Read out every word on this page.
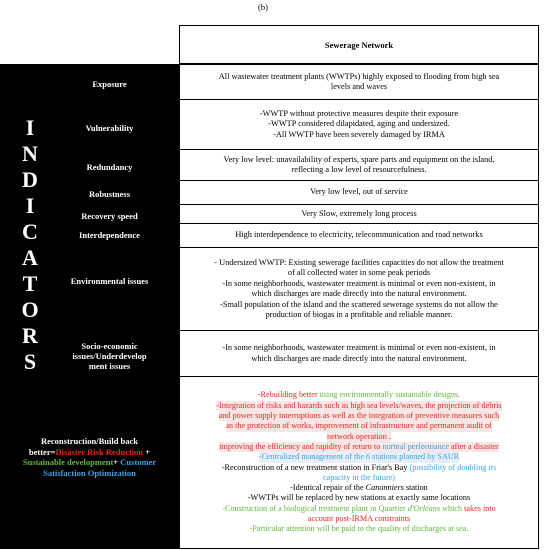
(b)
Sewerage Network
I
N
D
I
C
A
T
O
R
S
Exposure
Vulnerability
Redundancy
Robustness
Recovery speed
Interdependence
Environmental issues
Socio-economic
issues/Underdevelop
ment issues
All wastewater treatment plants (WWTPs) highly exposed to flooding from high sea
levels and waves
-WWTP without protective measures despite their exposure
-WWTP considered dilapidated, aging and undersized.
-All WWTP have been severely damaged by IRMA
Very low level: unavailability of experts, spare parts and equipment on the island,
reflecting a low level of resourcefulness.
Very low level, out of service
Very Slow, extremely long process
High interdependence to electricity, telecommunication and road networks
- Undersized WWTP: Existing sewerage facilities capacities do not allow the treatment
of all collected water in some peak periods
-In some neighborhoods, wastewater treatment is minimal or even non-existent, in
which discharges are made directly into the natural environment.
-Small population of the island and the scattered sewerage systems do not allow the
production of biogas in a profitable and reliable manner.
-In some neighborhoods, wastewater treatment is minimal or even non-existent, in
which discharges are made directly into the natural environment.
Reconstruction/Build back
better=Disaster Risk Reduction +
Sustainable development+ Customer
Satisfaction Optimization
-Rebuilding better using environmentally sustainable designs.
-Integration of risks and hazards such as high sea levels/waves, the projection of debris
and power supply interruptions as well as the integration of preventive measures such
as the protection of works, improvement of infrastructure and permanent audit of
network operation .
improving the efficiency and rapidity of return to normal performance after a disaster
-Centralized management of the 6 stations planned by SAUR
-Reconstruction of a new treatment station in Friar's Bay (possibility of doubling its
capacity in the future)
-Identical repair of the Canonniers station
-WWTPs will be replaced by new stations at exactly same locations
-Construction of a biological treatment plant in Quartier d'Orléans which takes into
account post-IRMA constraints
-Particular attention will be paid to the quality of discharges at sea.
